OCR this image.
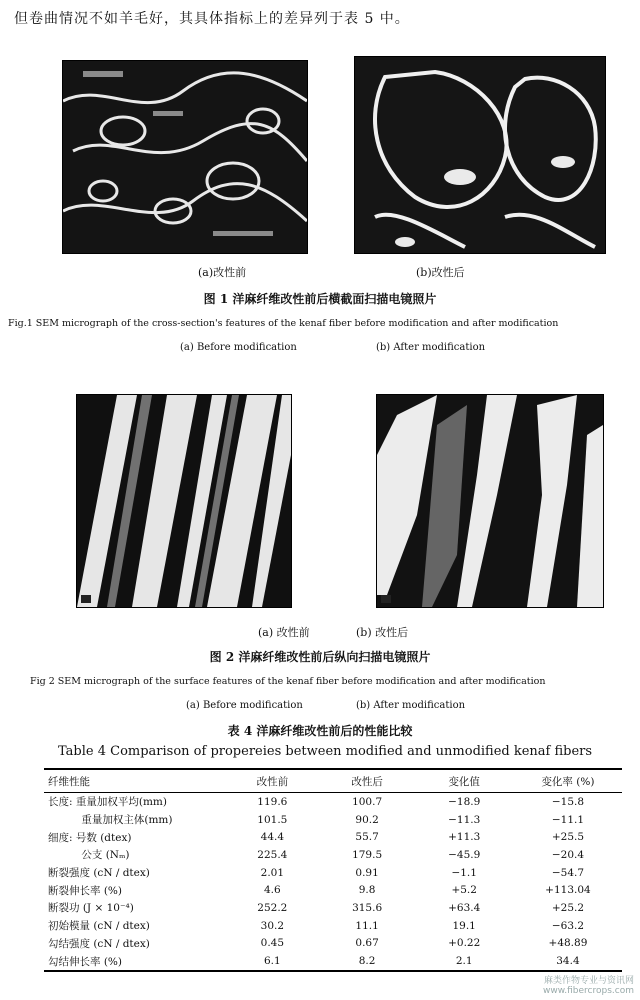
但卷曲情况不如羊毛好，其具体指标上的差异列于表 5 中。
(a)改性前	(b)改性后
图 1 洋麻纤维改性前后横截面扫描电镜照片
Fig.1 SEM micrograph of the cross-section's features of the kenaf fiber before modification and after modification
(a) Before modification	(b) After modification

(a) 改性前	(b) 改性后
图 2 洋麻纤维改性前后纵向扫描电镜照片
Fig 2 SEM micrograph of the surface features of the kenaf fiber before modification and after modification
(a) Before modification	(b) After modification
表 4 洋麻纤维改性前后的性能比较
Table 4 Comparison of propereies between modified and unmodified kenaf fibers
纤维性能	改性前	改性后	变化值	变化率 (%)
长度: 重量加权平均(mm)	119.6	100.7	−18.9	−15.8
重量加权主体(mm)	101.5	90.2	−11.3	−11.1
细度: 号数 (dtex)	44.4	55.7	+11.3	+25.5
公支 (Nₘ)	225.4	179.5	−45.9	−20.4
断裂强度 (cN / dtex)	2.01	0.91	−1.1	−54.7
断裂伸长率 (%)	4.6	9.8	+5.2	+113.04
断裂功 (J × 10⁻⁴)	252.2	315.6	+63.4	+25.2
初始模量 (cN / dtex)	30.2	11.1	19.1	−63.2
勾结强度 (cN / dtex)	0.45	0.67	+0.22	+48.89
勾结伸长率 (%)	6.1	8.2	2.1	34.4
麻类作物专业与资讯网
www.fibercrops.com
